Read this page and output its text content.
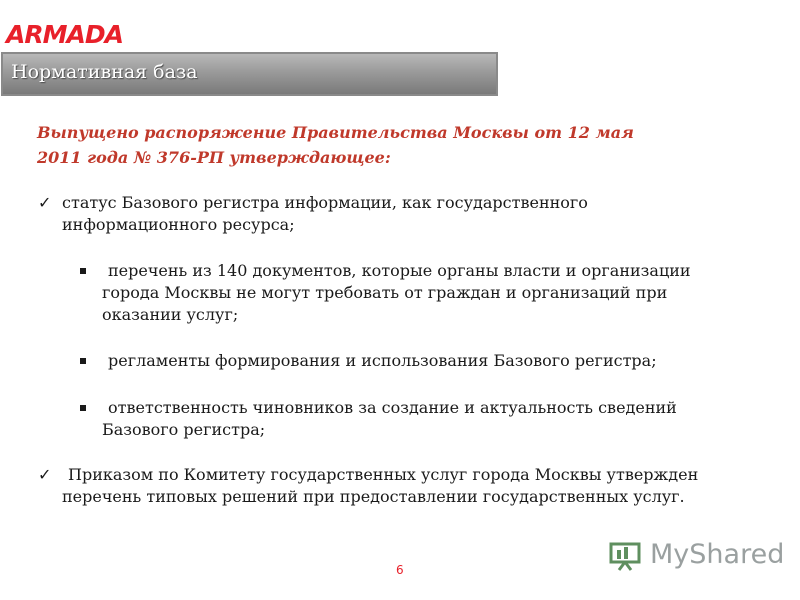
ARMADA
Нормативная база
Выпущено распоряжение Правительства Москвы от 12 мая
2011 года № 376-РП утверждающее:
✓ статус Базового регистра информации, как государственного
информационного ресурса;
перечень из 140 документов, которые органы власти и организации
города Москвы не могут требовать от граждан и организаций при
оказании услуг;
регламенты формирования и использования Базового регистра;
ответственность чиновников за создание и актуальность сведений
Базового регистра;
✓	Приказом по Комитету государственных услуг города Москвы утвержден
перечень типовых решений при предоставлении государственных услуг.
6	MyShared
